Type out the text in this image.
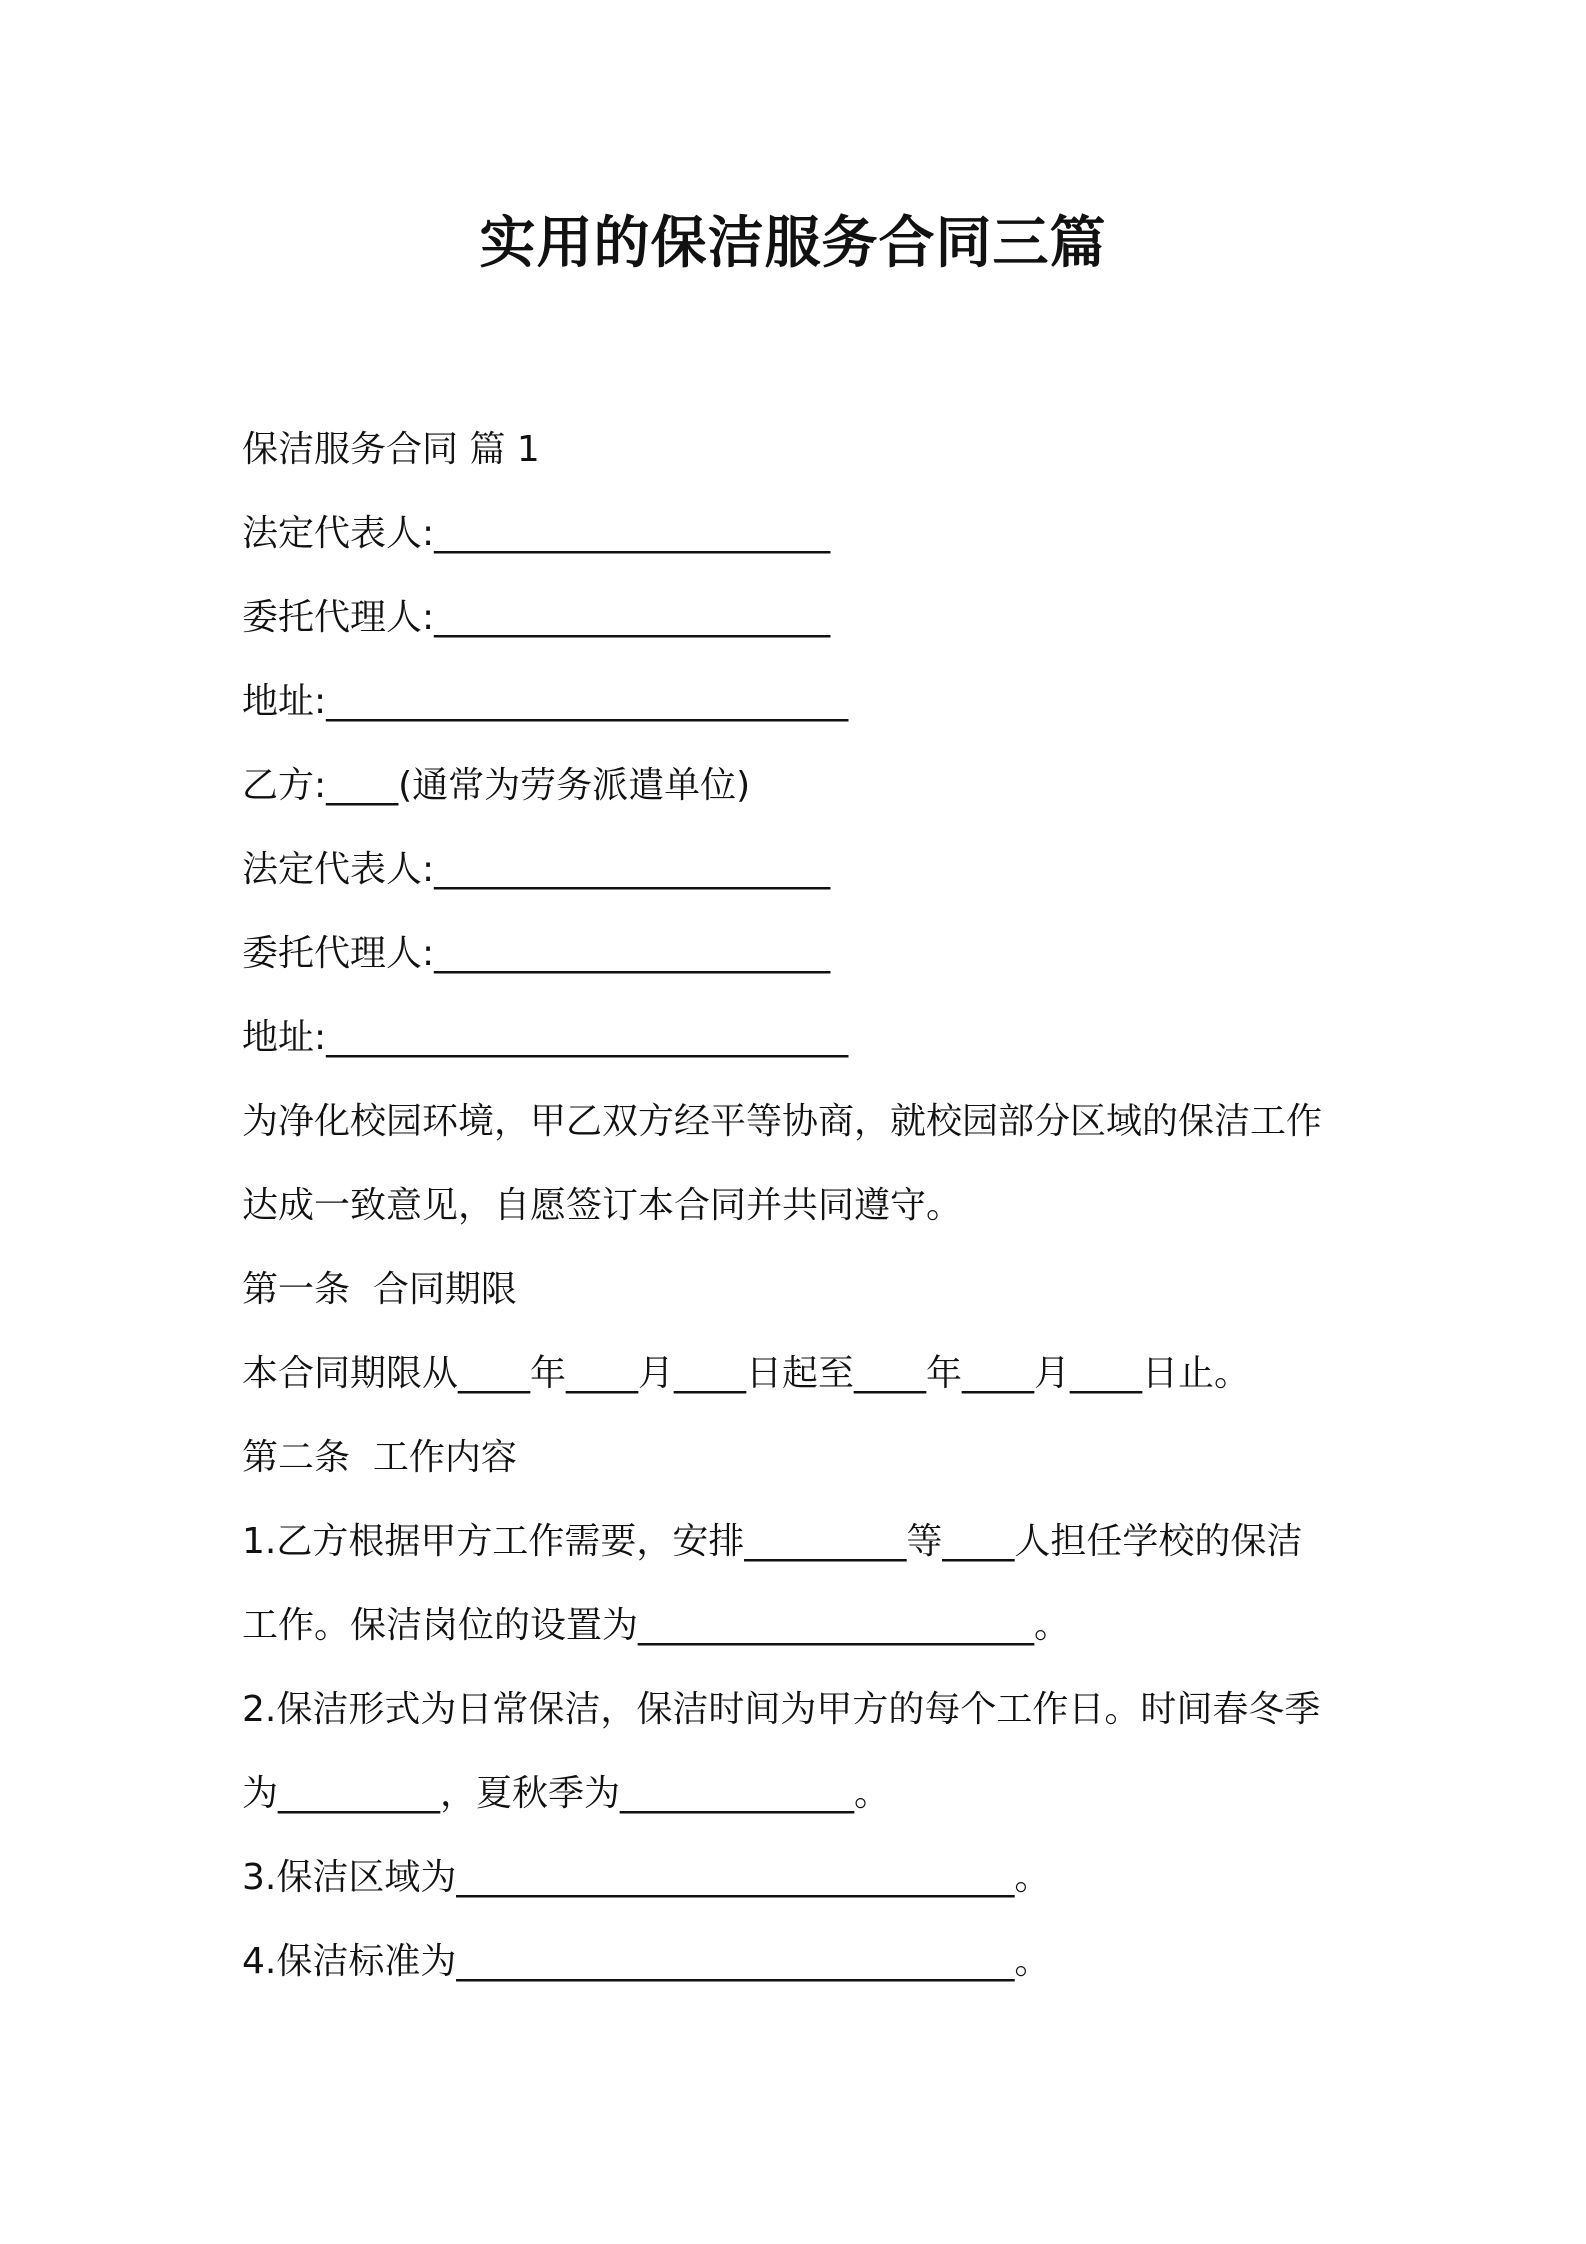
实用的保洁服务合同三篇
保洁服务合同 篇 1
法定代表人:______________________
委托代理人:______________________
地址:_____________________________
乙方:____(通常为劳务派遣单位)
法定代表人:______________________
委托代理人:______________________
地址:_____________________________
为净化校园环境，甲乙双方经平等协商，就校园部分区域的保洁工作
达成一致意见，自愿签订本合同并共同遵守。
第一条  合同期限
本合同期限从____年____月____日起至____年____月____日止。
第二条  工作内容
1.乙方根据甲方工作需要，安排_________等____人担任学校的保洁
工作。保洁岗位的设置为______________________。
2.保洁形式为日常保洁，保洁时间为甲方的每个工作日。时间春冬季
为_________，夏秋季为_____________。
3.保洁区域为_______________________________。
4.保洁标准为_______________________________。
